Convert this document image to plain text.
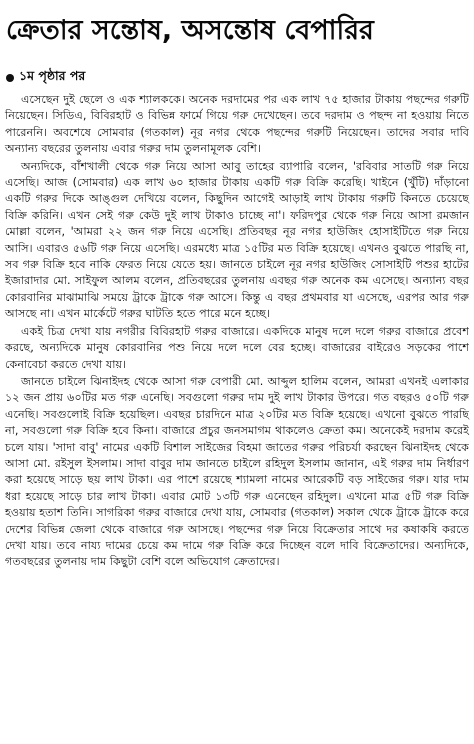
ক্রেতার সন্তোষ, অসন্তোষ বেপারির
১ম পৃষ্ঠার পর

এসেছেন দুই ছেলে ও এক শ্যালককে। অনেক দরদামের পর এক লাখ ৭৫ হাজার টাকায় পছন্দের গরুটি নিয়েছেন। সিডিএ, বিবিরহাট ও বিভিন্ন ফার্মে গিয়ে গরু দেখেছেন। তবে দরদাম ও পছন্দ না হওয়ায় নিতে পারেননি। অবশেষে সোমবার (গতকাল) নূর নগর থেকে পছন্দের গরুটি নিয়েছেন। তাদের সবার দাবি অন্যান্য বছরের তুলনায় এবার গরুর দাম তুলনামূলক বেশি।

অন্যদিকে, বাঁশখালী থেকে গরু নিয়ে আসা আবু তাহের ব্যাপারি বলেন, 'রবিবার সাতটি গরু নিয়ে এসেছি। আজ (সোমবার) এক লাখ ৬০ হাজার টাকায় একটি গরু বিক্রি করেছি। খাইনে (খুঁটি) দাঁড়ানো একটি গরুর দিকে আঙ্গুল দেখিয়ে বলেন, কিছুদিন আগেই আড়াই লাখ টাকায় গরুটি কিনতে চেয়েছে বিক্রি করিনি। এখন সেই গরু কেউ দুই লাখ টাকাও চাচ্ছে না'। ফরিদপুর থেকে গরু নিয়ে আসা রমজান মোল্লা বলেন, 'আমরা ২২ জন গরু নিয়ে এসেছি। প্রতিবছর নূর নগর হাউজিং হোসাইটিতে গরু নিয়ে আসি। এবারও ৫৬টি গরু নিয়ে এসেছি। এরমধ্যে মাত্র ১৫টির মত বিক্রি হয়েছে। এখনও বুঝতে পারছি না, সব গরু বিক্রি হবে নাকি ফেরত নিয়ে যেতে হয়। জানতে চাইলে নূর নগর হাউজিং সোসাইটি পশুর হাটের ইজারাদার মো. সাইফুল আলম বলেন, প্রতিবছরের তুলনায় এবছর গরু অনেক কম এসেছে। অন্যান্য বছর কোরবানির মাঝামাঝি সময়ে ট্রাকে ট্রাকে গরু আসে। কিন্তু এ বছর প্রথমবার যা এসেছে, এরপর আর গরু আসছে না। এখন মার্কেটে গরুর ঘাটতি হতে পারে মনে হচ্ছে।

একই চিত্র দেখা যায় নগরীর বিবিরহাট গরুর বাজারে। একদিকে মানুষ দলে দলে গরুর বাজারে প্রবেশ করছে, অন্যদিকে মানুষ কোরবানির পশু নিয়ে দলে দলে বের হচ্ছে। বাজারের বাইরেও সড়কের পাশে কেনাবেচা করতে দেখা যায়।

জানতে চাইলে ঝিনাইদহ থেকে আসা গরু বেপারী মো. আব্দুল হালিম বলেন, আমরা এখনই এলাকার ১২ জন প্রায় ৬০টির মত গরু এনেছি। সবগুলো গরুর দাম দুই লাখ টাকার উপরে। গত বছরও ৫০টি গরু এনেছি। সবগুলোই বিক্রি হয়েছিল। এবছর চারদিনে মাত্র ২০টির মত বিক্রি হয়েছে। এখনো বুঝতে পারছি না, সবগুলো গরু বিক্রি হবে কিনা। বাজারে প্রচুর জনসমাগম থাকলেও ক্রেতা কম। অনেকেই দরদাম করেই চলে যায়। 'সাদা বাবু' নামের একটি বিশাল সাইজের বিহমা জাতের গরুর পরিচর্যা করছেন ঝিনাইদহ থেকে আসা মো. রইসুল ইসলাম। সাদা বাবুর দাম জানতে চাইলে রহিদুল ইসলাম জানান, এই গরুর দাম নির্ধারণ করা হয়েছে সাড়ে ছয় লাখ টাকা। এর পাশে রয়েছে শ্যামলা নামের আরেকটি বড় সাইজের গরু। যার দাম ধরা হয়েছে সাড়ে চার লাখ টাকা। এবার মোট ১৩টি গরু এনেছেন রহিদুল। এখনো মাত্র ৫টি গরু বিক্রি হওয়ায় হতাশ তিনি। সাগরিকা গরুর বাজারে দেখা যায়, সোমবার (গতকাল) সকাল থেকে ট্রাকে ট্রাকে করে দেশের বিভিন্ন জেলা থেকে বাজারে গরু আসছে। পছন্দের গরু নিয়ে বিক্রেতার সাথে দর কষাকষি করতে দেখা যায়। তবে নায্য দামের চেয়ে কম দামে গরু বিক্রি করে দিচ্ছেন বলে দাবি বিক্রেতাদের। অন্যদিকে, গতবছরের তুলনায় দাম কিছুটা বেশি বলে অভিযোগ ক্রেতাদের।
